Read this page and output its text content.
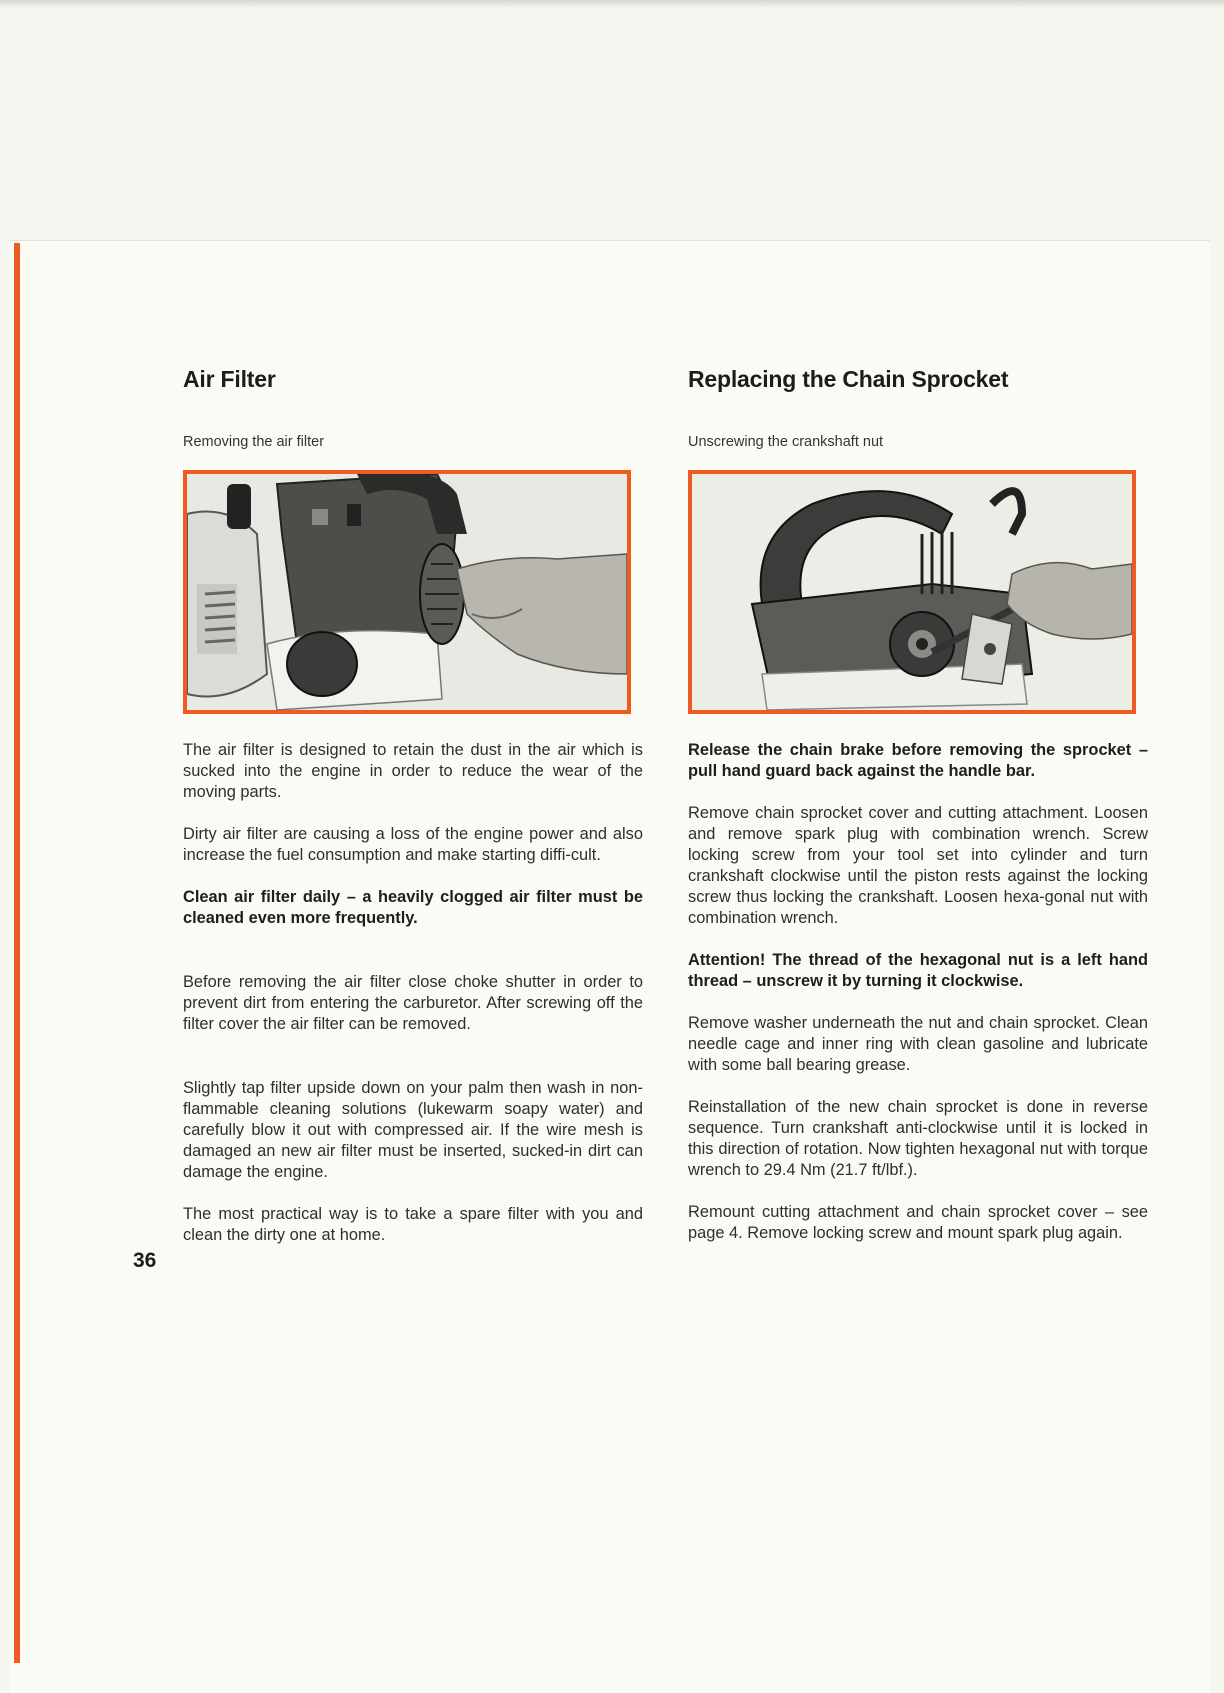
Air Filter
Removing the air filter

The air filter is designed to retain the dust in the air which is sucked into the engine in order to reduce the wear of the moving parts.

Dirty air filter are causing a loss of the engine power and also increase the fuel consumption and make starting diffi-cult.

Clean air filter daily – a heavily clogged air filter must be cleaned even more frequently.

Before removing the air filter close choke shutter in order to prevent dirt from entering the carburetor. After screwing off the filter cover the air filter can be removed.

Slightly tap filter upside down on your palm then wash in non-flammable cleaning solutions (lukewarm soapy water) and carefully blow it out with compressed air. If the wire mesh is damaged an new air filter must be inserted, sucked-in dirt can damage the engine.

The most practical way is to take a spare filter with you and clean the dirty one at home.

Replacing the Chain Sprocket
Unscrewing the crankshaft nut

Release the chain brake before removing the sprocket – pull hand guard back against the handle bar.

Remove chain sprocket cover and cutting attachment. Loosen and remove spark plug with combination wrench. Screw locking screw from your tool set into cylinder and turn crankshaft clockwise until the piston rests against the locking screw thus locking the crankshaft. Loosen hexa-gonal nut with combination wrench.

Attention! The thread of the hexagonal nut is a left hand thread – unscrew it by turning it clockwise.

Remove washer underneath the nut and chain sprocket. Clean needle cage and inner ring with clean gasoline and lubricate with some ball bearing grease.

Reinstallation of the new chain sprocket is done in reverse sequence. Turn crankshaft anti-clockwise until it is locked in this direction of rotation. Now tighten hexagonal nut with torque wrench to 29.4 Nm (21.7 ft/lbf.).

Remount cutting attachment and chain sprocket cover – see page 4. Remove locking screw and mount spark plug again.

36
